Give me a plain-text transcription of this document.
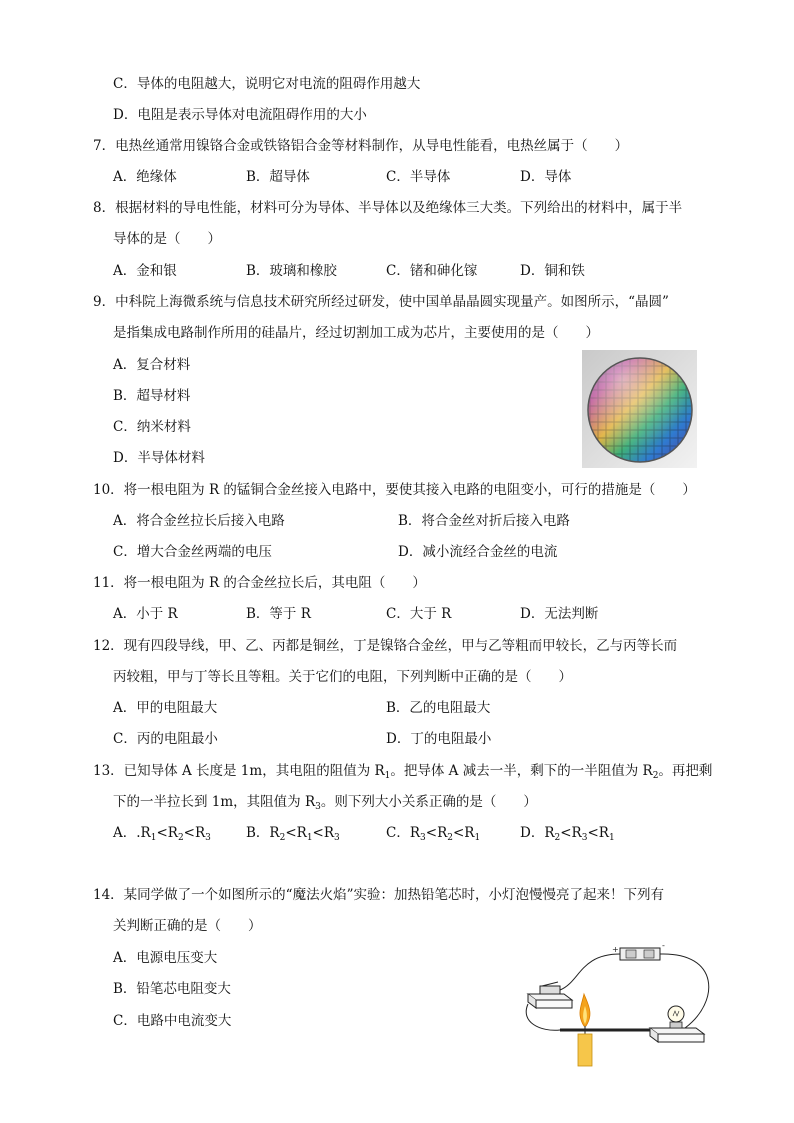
C．导体的电阻越大，说明它对电流的阻碍作用越大
D．电阻是表示导体对电流阻碍作用的大小
7．电热丝通常用镍铬合金或铁铬铝合金等材料制作，从导电性能看，电热丝属于（　　）
A．绝缘体	B．超导体	C．半导体	D．导体
8．根据材料的导电性能，材料可分为导体、半导体以及绝缘体三大类。下列给出的材料中，属于半
导体的是（　　）
A．金和银	B．玻璃和橡胶	C．锗和砷化镓	D．铜和铁
9．中科院上海微系统与信息技术研究所经过研发，使中国单晶晶圆实现量产。如图所示，“晶圆”
是指集成电路制作所用的硅晶片，经过切割加工成为芯片，主要使用的是（　　）
A．复合材料
B．超导材料
C．纳米材料
D．半导体材料
10．将一根电阻为 R 的锰铜合金丝接入电路中，要使其接入电路的电阻变小，可行的措施是（　　）
A．将合金丝拉长后接入电路	B．将合金丝对折后接入电路
C．增大合金丝两端的电压	D．减小流经合金丝的电流
11．将一根电阻为 R 的合金丝拉长后，其电阻（　　）
A．小于 R	B．等于 R	C．大于 R	D．无法判断
12．现有四段导线，甲、乙、丙都是铜丝，丁是镍铬合金丝，甲与乙等粗而甲较长，乙与丙等长而
丙较粗，甲与丁等长且等粗。关于它们的电阻，下列判断中正确的是（　　）
A．甲的电阻最大	B．乙的电阻最大
C．丙的电阻最小	D．丁的电阻最小
13．已知导体 A 长度是 1m，其电阻的阻值为 $R_1$。把导体 A 减去一半，剩下的一半阻值为 $R_2$。再把剩
下的一半拉长到 1m，其阻值为 $R_3$。则下列大小关系正确的是（　　）
A．$.R_1<R_2<R_3$	B．$R_2<R_1<R_3$	C．$R_3<R_2<R_1$	D．$R_2<R_3<R_1$
14．某同学做了一个如图所示的“魔法火焰”实验：加热铅笔芯时，小灯泡慢慢亮了起来！下列有
关判断正确的是（　　）
A．电源电压变大
B．铅笔芯电阻变大
C．电路中电流变大
+	-
